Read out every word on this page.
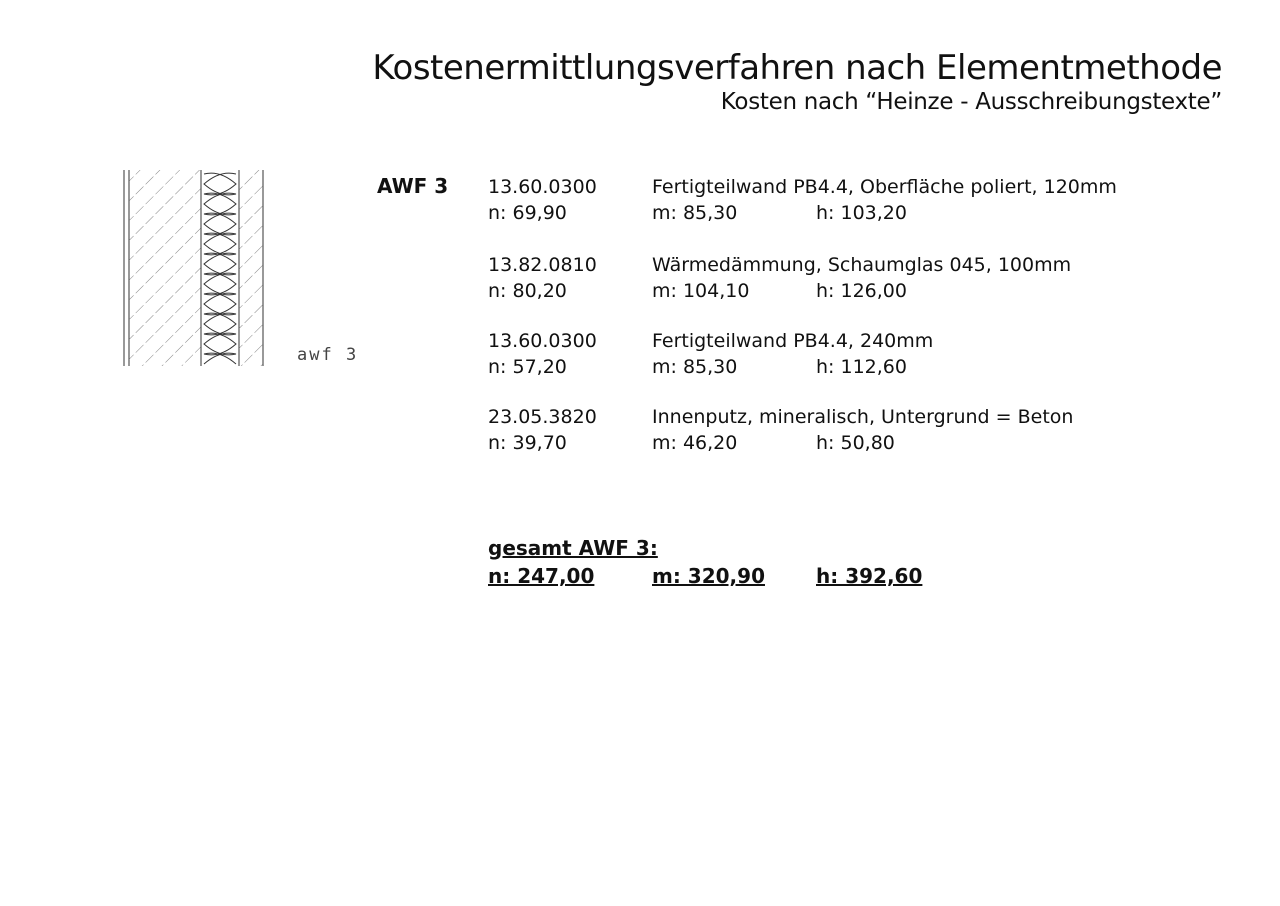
Kostenermittlungsverfahren nach Elementmethode
Kosten nach “Heinze - Ausschreibungstexte”
awf 3
AWF 3 13.60.0300	Fertigteilwand PB4.4, Oberfläche poliert, 120mm
n: 69,90	m: 85,30	h: 103,20
13.82.0810	Wärmedämmung, Schaumglas 045, 100mm
n: 80,20	m: 104,10	h: 126,00
13.60.0300	Fertigteilwand PB4.4, 240mm
n: 57,20	m: 85,30	h: 112,60
23.05.3820	Innenputz, mineralisch, Untergrund = Beton
n: 39,70	m: 46,20	h: 50,80
gesamt AWF 3:
n: 247,00	m: 320,90	h: 392,60
